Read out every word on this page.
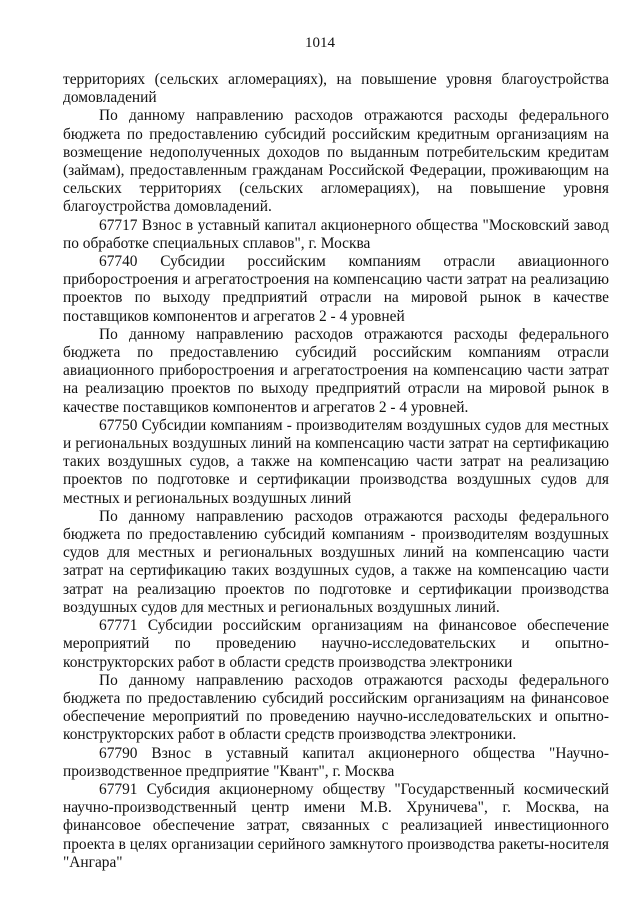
1014

территориях (сельских агломерациях), на повышение уровня благоустройства домовладений

По данному направлению расходов отражаются расходы федерального бюджета по предоставлению субсидий российским кредитным организациям на возмещение недополученных доходов по выданным потребительским кредитам (займам), предоставленным гражданам Российской Федерации, проживающим на сельских территориях (сельских агломерациях), на повышение уровня благоустройства домовладений.

67717 Взнос в уставный капитал акционерного общества "Московский завод по обработке специальных сплавов", г. Москва

67740 Субсидии российским компаниям отрасли авиационного приборостроения и агрегатостроения на компенсацию части затрат на реализацию проектов по выходу предприятий отрасли на мировой рынок в качестве поставщиков компонентов и агрегатов 2 - 4 уровней

По данному направлению расходов отражаются расходы федерального бюджета по предоставлению субсидий российским компаниям отрасли авиационного приборостроения и агрегатостроения на компенсацию части затрат на реализацию проектов по выходу предприятий отрасли на мировой рынок в качестве поставщиков компонентов и агрегатов 2 - 4 уровней.

67750 Субсидии компаниям - производителям воздушных судов для местных и региональных воздушных линий на компенсацию части затрат на сертификацию таких воздушных судов, а также на компенсацию части затрат на реализацию проектов по подготовке и сертификации производства воздушных судов для местных и региональных воздушных линий

По данному направлению расходов отражаются расходы федерального бюджета по предоставлению субсидий компаниям - производителям воздушных судов для местных и региональных воздушных линий на компенсацию части затрат на сертификацию таких воздушных судов, а также на компенсацию части затрат на реализацию проектов по подготовке и сертификации производства воздушных судов для местных и региональных воздушных линий.

67771 Субсидии российским организациям на финансовое обеспечение мероприятий по проведению научно-исследовательских и опытно-конструкторских работ в области средств производства электроники

По данному направлению расходов отражаются расходы федерального бюджета по предоставлению субсидий российским организациям на финансовое обеспечение мероприятий по проведению научно-исследовательских и опытно-конструкторских работ в области средств производства электроники.

67790 Взнос в уставный капитал акционерного общества "Научно-производственное предприятие "Квант", г. Москва

67791 Субсидия акционерному обществу "Государственный космический научно-производственный центр имени М.В. Хруничева", г. Москва, на финансовое обеспечение затрат, связанных с реализацией инвестиционного проекта в целях организации серийного замкнутого производства ракеты-носителя "Ангара"
